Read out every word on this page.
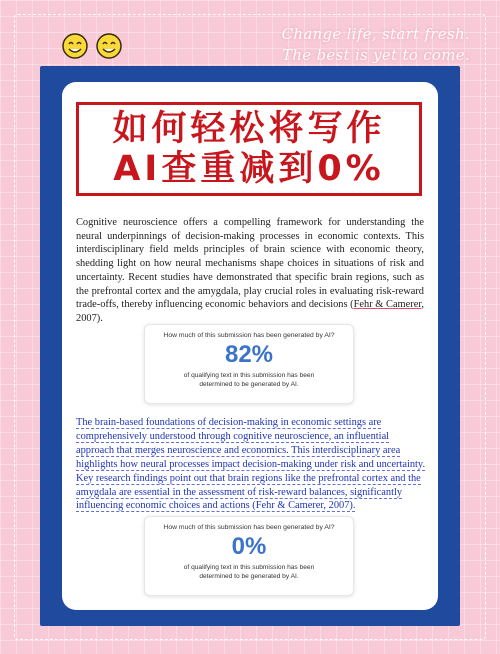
Change life, start fresh.
The best is yet to come.
如何轻松将写作
AI查重减到0%
Cognitive neuroscience offers a compelling framework for understanding the neural underpinnings of decision-making processes in economic contexts. This interdisciplinary field melds principles of brain science with economic theory, shedding light on how neural mechanisms shape choices in situations of risk and uncertainty. Recent studies have demonstrated that specific brain regions, such as the prefrontal cortex and the amygdala, play crucial roles in evaluating risk-reward trade-offs, thereby influencing economic behaviors and decisions (Fehr & Camerer, 2007).
How much of this submission has been generated by AI?
82%
of qualifying text in this submission has been determined to be generated by AI.
The brain-based foundations of decision-making in economic settings are comprehensively understood through cognitive neuroscience, an influential approach that merges neuroscience and economics. This interdisciplinary area highlights how neural processes impact decision-making under risk and uncertainty. Key research findings point out that brain regions like the prefrontal cortex and the amygdala are essential in the assessment of risk-reward balances, significantly influencing economic choices and actions (Fehr & Camerer, 2007).
How much of this submission has been generated by AI?
0%
of qualifying text in this submission has been determined to be generated by AI.
